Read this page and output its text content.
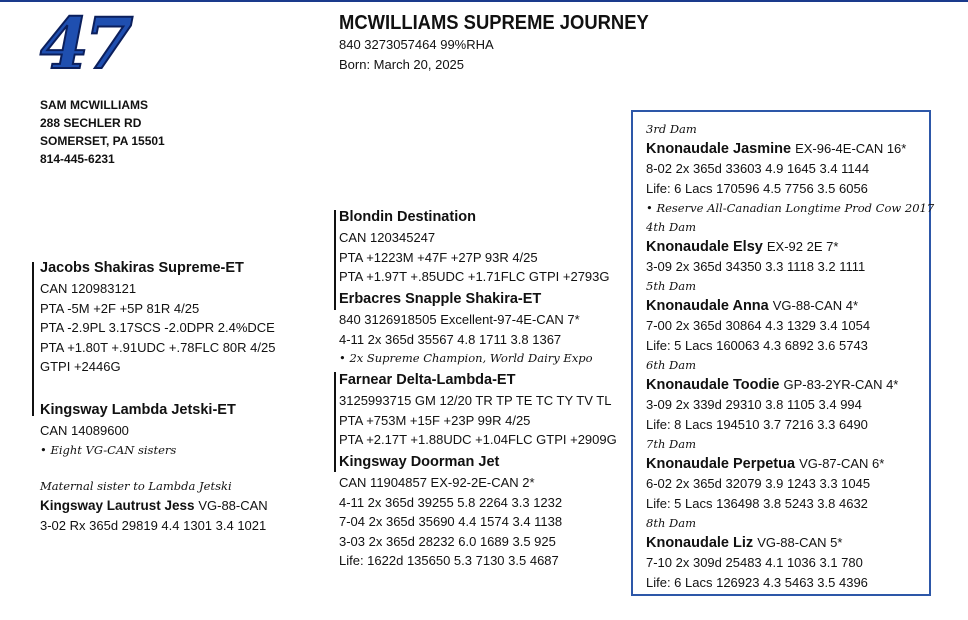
47
SAM MCWILLIAMS
288 SECHLER RD
SOMERSET, PA 15501
814-445-6231
MCWILLIAMS SUPREME JOURNEY
840 3273057464 99%RHA
Born: March 20, 2025
Jacobs Shakiras Supreme-ET
CAN 120983121
PTA -5M +2F +5P 81R 4/25
PTA -2.9PL 3.17SCS -2.0DPR 2.4%DCE
PTA +1.80T +.91UDC +.78FLC 80R 4/25
GTPI +2446G
Kingsway Lambda Jetski-ET
CAN 14089600
• Eight VG-CAN sisters
Maternal sister to Lambda Jetski
Kingsway Lautrust Jess VG-88-CAN
3-02 Rx 365d 29819 4.4 1301 3.4 1021
Blondin Destination
CAN 120345247
PTA +1223M +47F +27P 93R 4/25
PTA +1.97T +.85UDC +1.71FLC GTPI +2793G
Erbacres Snapple Shakira-ET
840 3126918505 Excellent-97-4E-CAN 7*
4-11 2x 365d 35567 4.8 1711 3.8 1367
• 2x Supreme Champion, World Dairy Expo
Farnear Delta-Lambda-ET
3125993715 GM 12/20 TR TP TE TC TY TV TL
PTA +753M +15F +23P 99R 4/25
PTA +2.17T +1.88UDC +1.04FLC GTPI +2909G
Kingsway Doorman Jet
CAN 11904857 EX-92-2E-CAN 2*
4-11 2x 365d 39255 5.8 2264 3.3 1232
7-04 2x 365d 35690 4.4 1574 3.4 1138
3-03 2x 365d 28232 6.0 1689 3.5 925
Life: 1622d 135650 5.3 7130 3.5 4687
3rd Dam
Knonaudale Jasmine EX-96-4E-CAN 16*
8-02 2x 365d 33603 4.9 1645 3.4 1144
Life: 6 Lacs 170596 4.5 7756 3.5 6056
• Reserve All-Canadian Longtime Prod Cow 2017
4th Dam
Knonaudale Elsy EX-92 2E 7*
3-09 2x 365d 34350 3.3 1118 3.2 1111
5th Dam
Knonaudale Anna VG-88-CAN 4*
7-00 2x 365d 30864 4.3 1329 3.4 1054
Life: 5 Lacs 160063 4.3 6892 3.6 5743
6th Dam
Knonaudale Toodie GP-83-2YR-CAN 4*
3-09 2x 339d 29310 3.8 1105 3.4 994
Life: 8 Lacs 194510 3.7 7216 3.3 6490
7th Dam
Knonaudale Perpetua VG-87-CAN 6*
6-02 2x 365d 32079 3.9 1243 3.3 1045
Life: 5 Lacs 136498 3.8 5243 3.8 4632
8th Dam
Knonaudale Liz VG-88-CAN 5*
7-10 2x 309d 25483 4.1 1036 3.1 780
Life: 6 Lacs 126923 4.3 5463 3.5 4396
